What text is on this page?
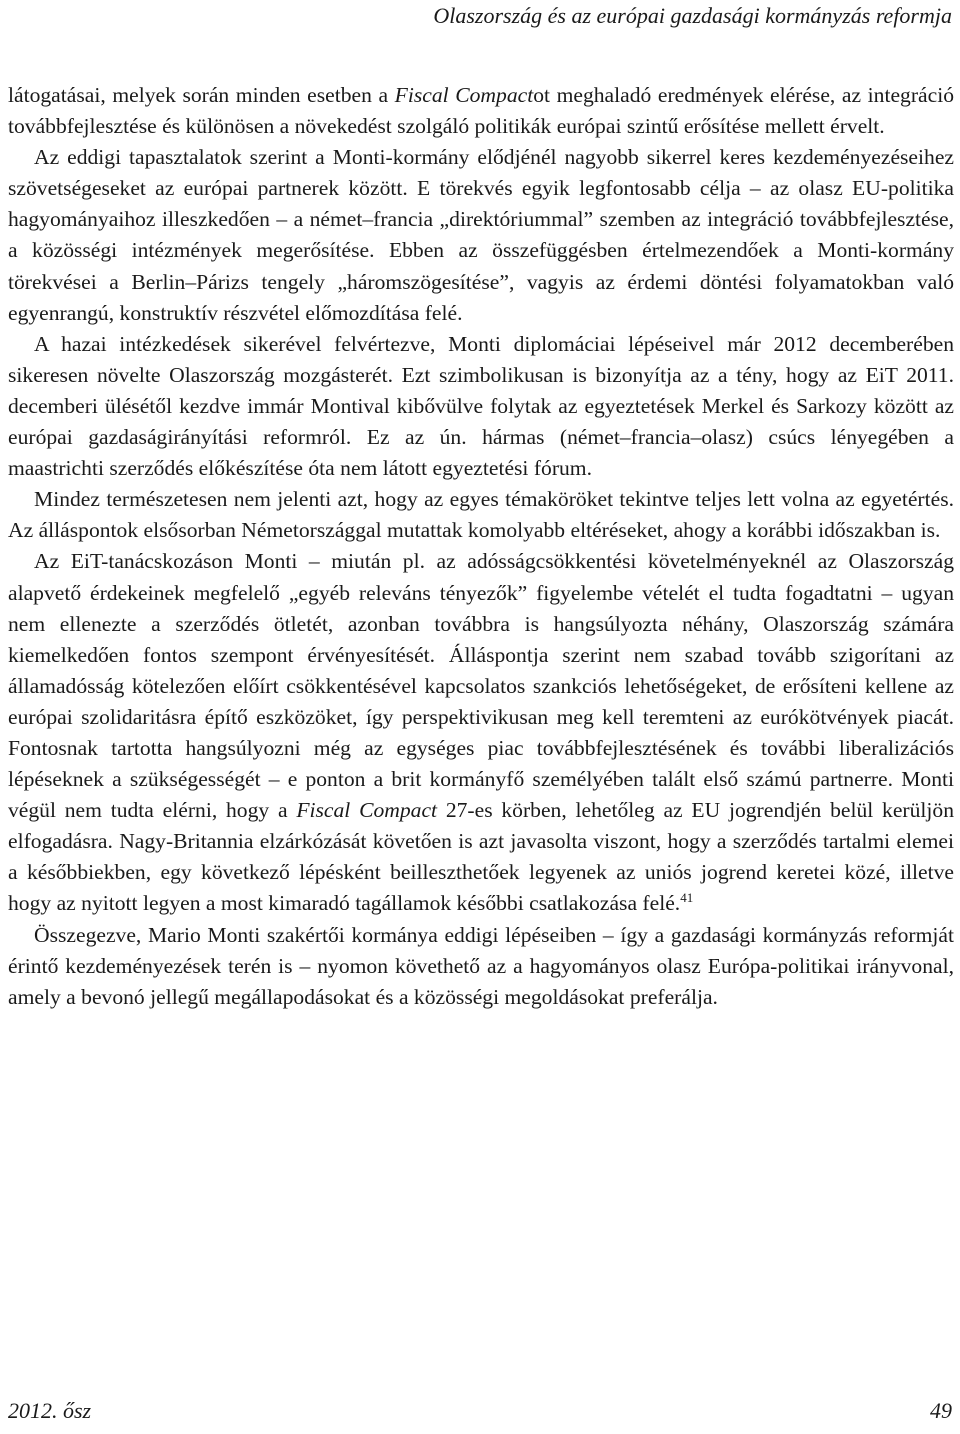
Olaszország és az európai gazdasági kormányzás reformja

látogatásai, melyek során minden esetben a Fiscal Compactot meghaladó eredmények elérése, az integráció továbbfejlesztése és különösen a növekedést szolgáló politikák európai szintű erősítése mellett érvelt.

Az eddigi tapasztalatok szerint a Monti-kormány elődjénél nagyobb sikerrel keres kezdeményezéseihez szövetségeseket az európai partnerek között. E törekvés egyik legfontosabb célja – az olasz EU-politika hagyományaihoz illeszkedően – a német–francia „direktóriummal” szemben az integráció továbbfejlesztése, a közösségi intézmények megerősítése. Ebben az összefüggésben értelmezendőek a Monti-kormány törekvései a Berlin–Párizs tengely „háromszögesítése”, vagyis az érdemi döntési folyamatokban való egyenrangú, konstruktív részvétel előmozdítása felé.

A hazai intézkedések sikerével felvértezve, Monti diplomáciai lépéseivel már 2012 decemberében sikeresen növelte Olaszország mozgásterét. Ezt szimbolikusan is bizonyítja az a tény, hogy az EiT 2011. decemberi ülésétől kezdve immár Montival kibővülve folytak az egyeztetések Merkel és Sarkozy között az európai gazdaságirányítási reformról. Ez az ún. hármas (német–francia–olasz) csúcs lényegében a maastrichti szerződés előkészítése óta nem látott egyeztetési fórum.

Mindez természetesen nem jelenti azt, hogy az egyes témaköröket tekintve teljes lett volna az egyetértés. Az álláspontok elsősorban Németországgal mutattak komolyabb eltéréseket, ahogy a korábbi időszakban is.

Az EiT-tanácskozáson Monti – miután pl. az adósságcsökkentési követelményeknél az Olaszország alapvető érdekeinek megfelelő „egyéb releváns tényezők” figyelembe vételét el tudta fogadtatni – ugyan nem ellenezte a szerződés ötletét, azonban továbbra is hangsúlyozta néhány, Olaszország számára kiemelkedően fontos szempont érvényesítését. Álláspontja szerint nem szabad tovább szigorítani az államadósság kötelezően előírt csökkentésével kapcsolatos szankciós lehetőségeket, de erősíteni kellene az európai szolidaritásra építő eszközöket, így perspektivikusan meg kell teremteni az eurókötvények piacát. Fontosnak tartotta hangsúlyozni még az egységes piac továbbfejlesztésének és további liberalizációs lépéseknek a szükségességét – e ponton a brit kormányfő személyében talált első számú partnerre. Monti végül nem tudta elérni, hogy a Fiscal Compact 27-es körben, lehetőleg az EU jogrendjén belül kerüljön elfogadásra. Nagy-Britannia elzárkózását követően is azt javasolta viszont, hogy a szerződés tartalmi elemei a későbbiekben, egy következő lépésként beilleszthetőek legyenek az uniós jogrend keretei közé, illetve hogy az nyitott legyen a most kimaradó tagállamok későbbi csatlakozása felé.$^{41}$

Összegezve, Mario Monti szakértői kormánya eddigi lépéseiben – így a gazdasági kormányzás reformját érintő kezdeményezések terén is – nyomon követhető az a hagyományos olasz Európa-politikai irányvonal, amely a bevonó jellegű megállapodásokat és a közösségi megoldásokat preferálja.

2012. ősz	49
